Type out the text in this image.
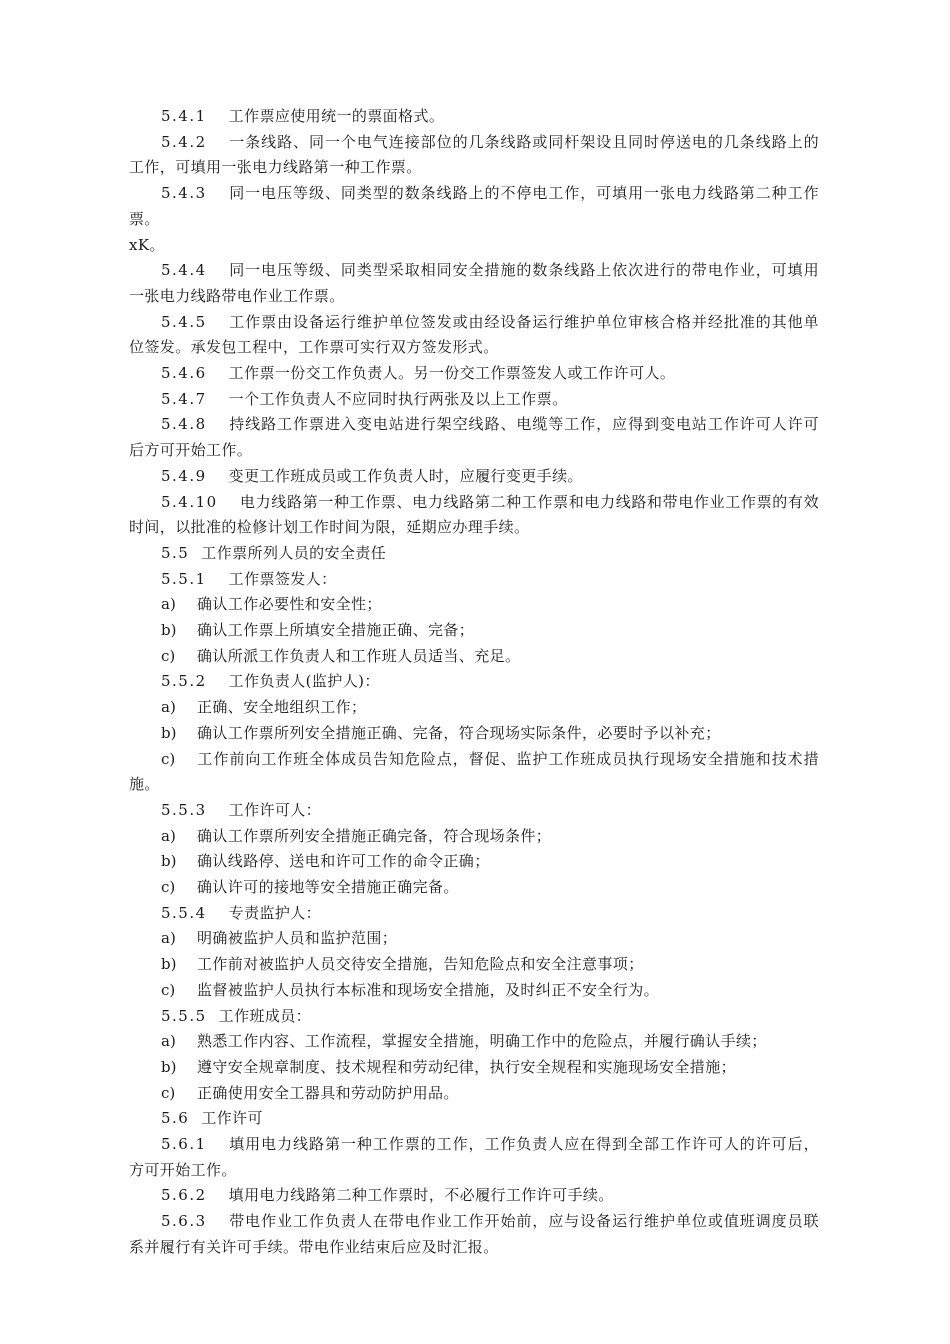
5.4.1 工作票应使用统一的票面格式。
5.4.2 一条线路、同一个电气连接部位的几条线路或同杆架设且同时停送电的几条线路上的
工作，可填用一张电力线路第一种工作票。
5.4.3 同一电压等级、同类型的数条线路上的不停电工作，可填用一张电力线路第二种工作
票。
xK。
5.4.4 同一电压等级、同类型采取相同安全措施的数条线路上依次进行的带电作业，可填用
一张电力线路带电作业工作票。
5.4.5 工作票由设备运行维护单位签发或由经设备运行维护单位审核合格并经批准的其他单
位签发。承发包工程中，工作票可实行双方签发形式。
5.4.6 工作票一份交工作负责人。另一份交工作票签发人或工作许可人。
5.4.7 一个工作负责人不应同时执行两张及以上工作票。
5.4.8 持线路工作票进入变电站进行架空线路、电缆等工作，应得到变电站工作许可人许可
后方可开始工作。
5.4.9 变更工作班成员或工作负责人时，应履行变更手续。
5.4.10 电力线路第一种工作票、电力线路第二种工作票和电力线路和带电作业工作票的有效
时间，以批准的检修计划工作时间为限，延期应办理手续。
5.5 工作票所列人员的安全责任
5.5.1 工作票签发人：
a) 确认工作必要性和安全性；
b) 确认工作票上所填安全措施正确、完备；
c) 确认所派工作负责人和工作班人员适当、充足。
5.5.2 工作负责人(监护人)：
a) 正确、安全地组织工作；
b) 确认工作票所列安全措施正确、完备，符合现场实际条件，必要时予以补充；
c) 工作前向工作班全体成员告知危险点，督促、监护工作班成员执行现场安全措施和技术措
施。
5.5.3 工作许可人：
a) 确认工作票所列安全措施正确完备，符合现场条件；
b) 确认线路停、送电和许可工作的命令正确；
c) 确认许可的接地等安全措施正确完备。
5.5.4 专责监护人：
a) 明确被监护人员和监护范围；
b) 工作前对被监护人员交待安全措施，告知危险点和安全注意事项；
c) 监督被监护人员执行本标准和现场安全措施，及时纠正不安全行为。
5.5.5 工作班成员：
a) 熟悉工作内容、工作流程，掌握安全措施，明确工作中的危险点，并履行确认手续；
b) 遵守安全规章制度、技术规程和劳动纪律，执行安全规程和实施现场安全措施；
c) 正确使用安全工器具和劳动防护用品。
5.6 工作许可
5.6.1 填用电力线路第一种工作票的工作，工作负责人应在得到全部工作许可人的许可后，
方可开始工作。
5.6.2 填用电力线路第二种工作票时，不必履行工作许可手续。
5.6.3 带电作业工作负责人在带电作业工作开始前，应与设备运行维护单位或值班调度员联
系并履行有关许可手续。带电作业结束后应及时汇报。
